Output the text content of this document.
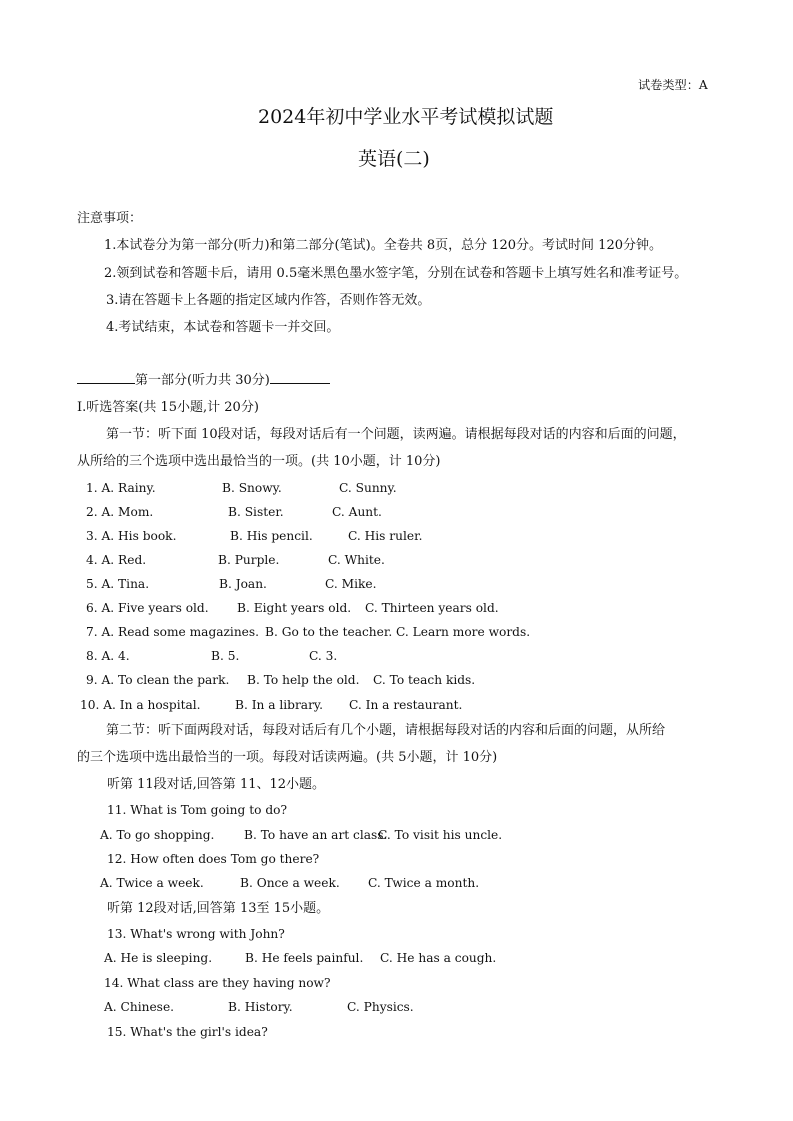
试卷类型：A
2024年初中学业水平考试模拟试题
英语(二)
注意事项：
1.本试卷分为第一部分(听力)和第二部分(笔试)。全卷共 8页，总分 120分。考试时间 120分钟。
2.领到试卷和答题卡后，请用 0.5毫米黑色墨水签字笔，分别在试卷和答题卡上填写姓名和准考证号。
3.请在答题卡上各题的指定区域内作答，否则作答无效。
4.考试结束，本试卷和答题卡一并交回。
第一部分(听力共 30分)
Ⅰ.听选答案(共 15小题,计 20分)
第一节：听下面 10段对话，每段对话后有一个问题，读两遍。请根据每段对话的内容和后面的问题，
从所给的三个选项中选出最恰当的一项。(共 10小题，计 10分)
1. A. Rainy.	B. Snowy.	C. Sunny.
2. A. Mom.	B. Sister.	C. Aunt.
3. A. His book.	B. His pencil.	C. His ruler.
4. A. Red.	B. Purple.	C. White.
5. A. Tina.	B. Joan.	C. Mike.
6. A. Five years old. B. Eight years old. C. Thirteen years old.
7. A. Read some magazines. B. Go to the teacher. C. Learn more words.
8. A. 4.	B. 5.	C. 3.
9. A. To clean the park. B. To help the old. C. To teach kids.
10. A. In a hospital.	B. In a library. C. In a restaurant.
第二节：听下面两段对话，每段对话后有几个小题，请根据每段对话的内容和后面的问题，从所给
的三个选项中选出最恰当的一项。每段对话读两遍。(共 5小题，计 10分)
听第 11段对话,回答第 11、12小题。
11. What is Tom going to do?
A. To go shopping. B. To have an art class.
C. To visit his uncle.
12. How often does Tom go there?
A. Twice a week.	B. Once a week. C. Twice a month.
听第 12段对话,回答第 13至 15小题。
13. What's wrong with John?
A. He is sleeping.	B. He feels painful. C. He has a cough.
14. What class are they having now?
A. Chinese.	B. History.	C. Physics.
15. What's the girl's idea?
